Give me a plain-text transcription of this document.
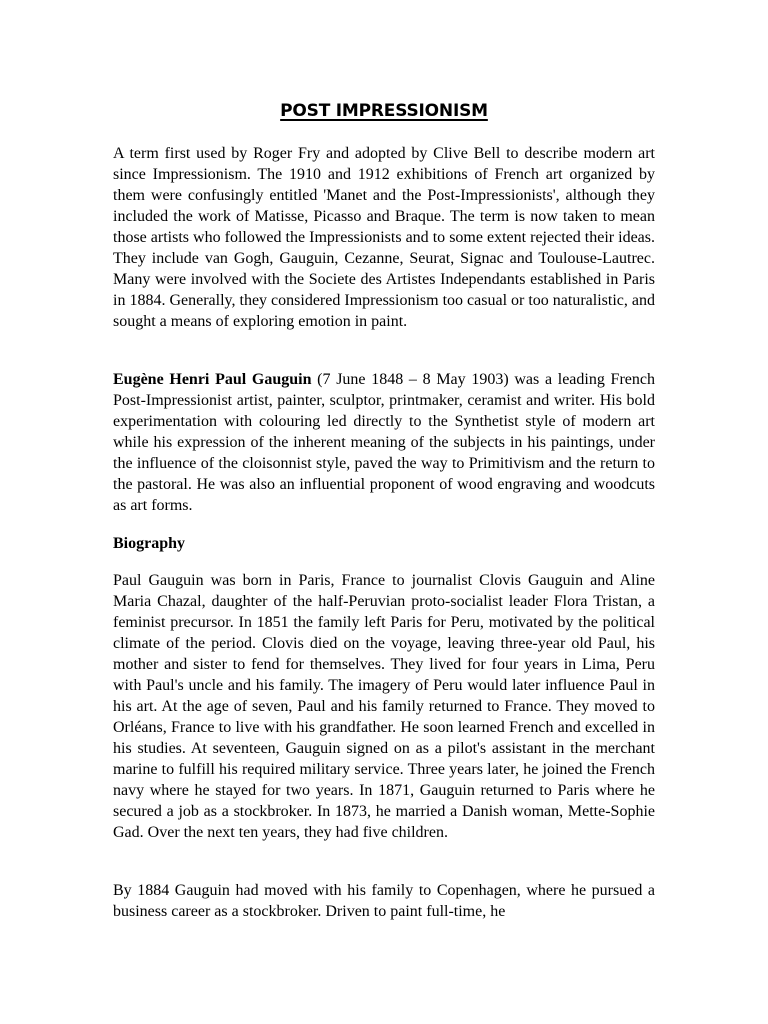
POST IMPRESSIONISM

A term first used by Roger Fry and adopted by Clive Bell to describe modern art since Impressionism. The 1910 and 1912 exhibitions of French art organized by them were confusingly entitled 'Manet and the Post-Impressionists', although they included the work of Matisse, Picasso and Braque. The term is now taken to mean those artists who followed the Impressionists and to some extent rejected their ideas. They include van Gogh, Gauguin, Cezanne, Seurat, Signac and Toulouse-Lautrec. Many were involved with the Societe des Artistes Independants established in Paris in 1884. Generally, they considered Impressionism too casual or too naturalistic, and sought a means of exploring emotion in paint.

Eugène Henri Paul Gauguin (7 June 1848 – 8 May 1903) was a leading French Post-Impressionist artist, painter, sculptor, printmaker, ceramist and writer. His bold experimentation with colouring led directly to the Synthetist style of modern art while his expression of the inherent meaning of the subjects in his paintings, under the influence of the cloisonnist style, paved the way to Primitivism and the return to the pastoral. He was also an influential proponent of wood engraving and woodcuts as art forms.

Biography

Paul Gauguin was born in Paris, France to journalist Clovis Gauguin and Aline Maria Chazal, daughter of the half-Peruvian proto-socialist leader Flora Tristan, a feminist precursor. In 1851 the family left Paris for Peru, motivated by the political climate of the period. Clovis died on the voyage, leaving three-year old Paul, his mother and sister to fend for themselves. They lived for four years in Lima, Peru with Paul's uncle and his family. The imagery of Peru would later influence Paul in his art. At the age of seven, Paul and his family returned to France. They moved to Orléans, France to live with his grandfather. He soon learned French and excelled in his studies. At seventeen, Gauguin signed on as a pilot's assistant in the merchant marine to fulfill his required military service. Three years later, he joined the French navy where he stayed for two years. In 1871, Gauguin returned to Paris where he secured a job as a stockbroker. In 1873, he married a Danish woman, Mette-Sophie Gad. Over the next ten years, they had five children.

By 1884 Gauguin had moved with his family to Copenhagen, where he pursued a business career as a stockbroker. Driven to paint full-time, he
